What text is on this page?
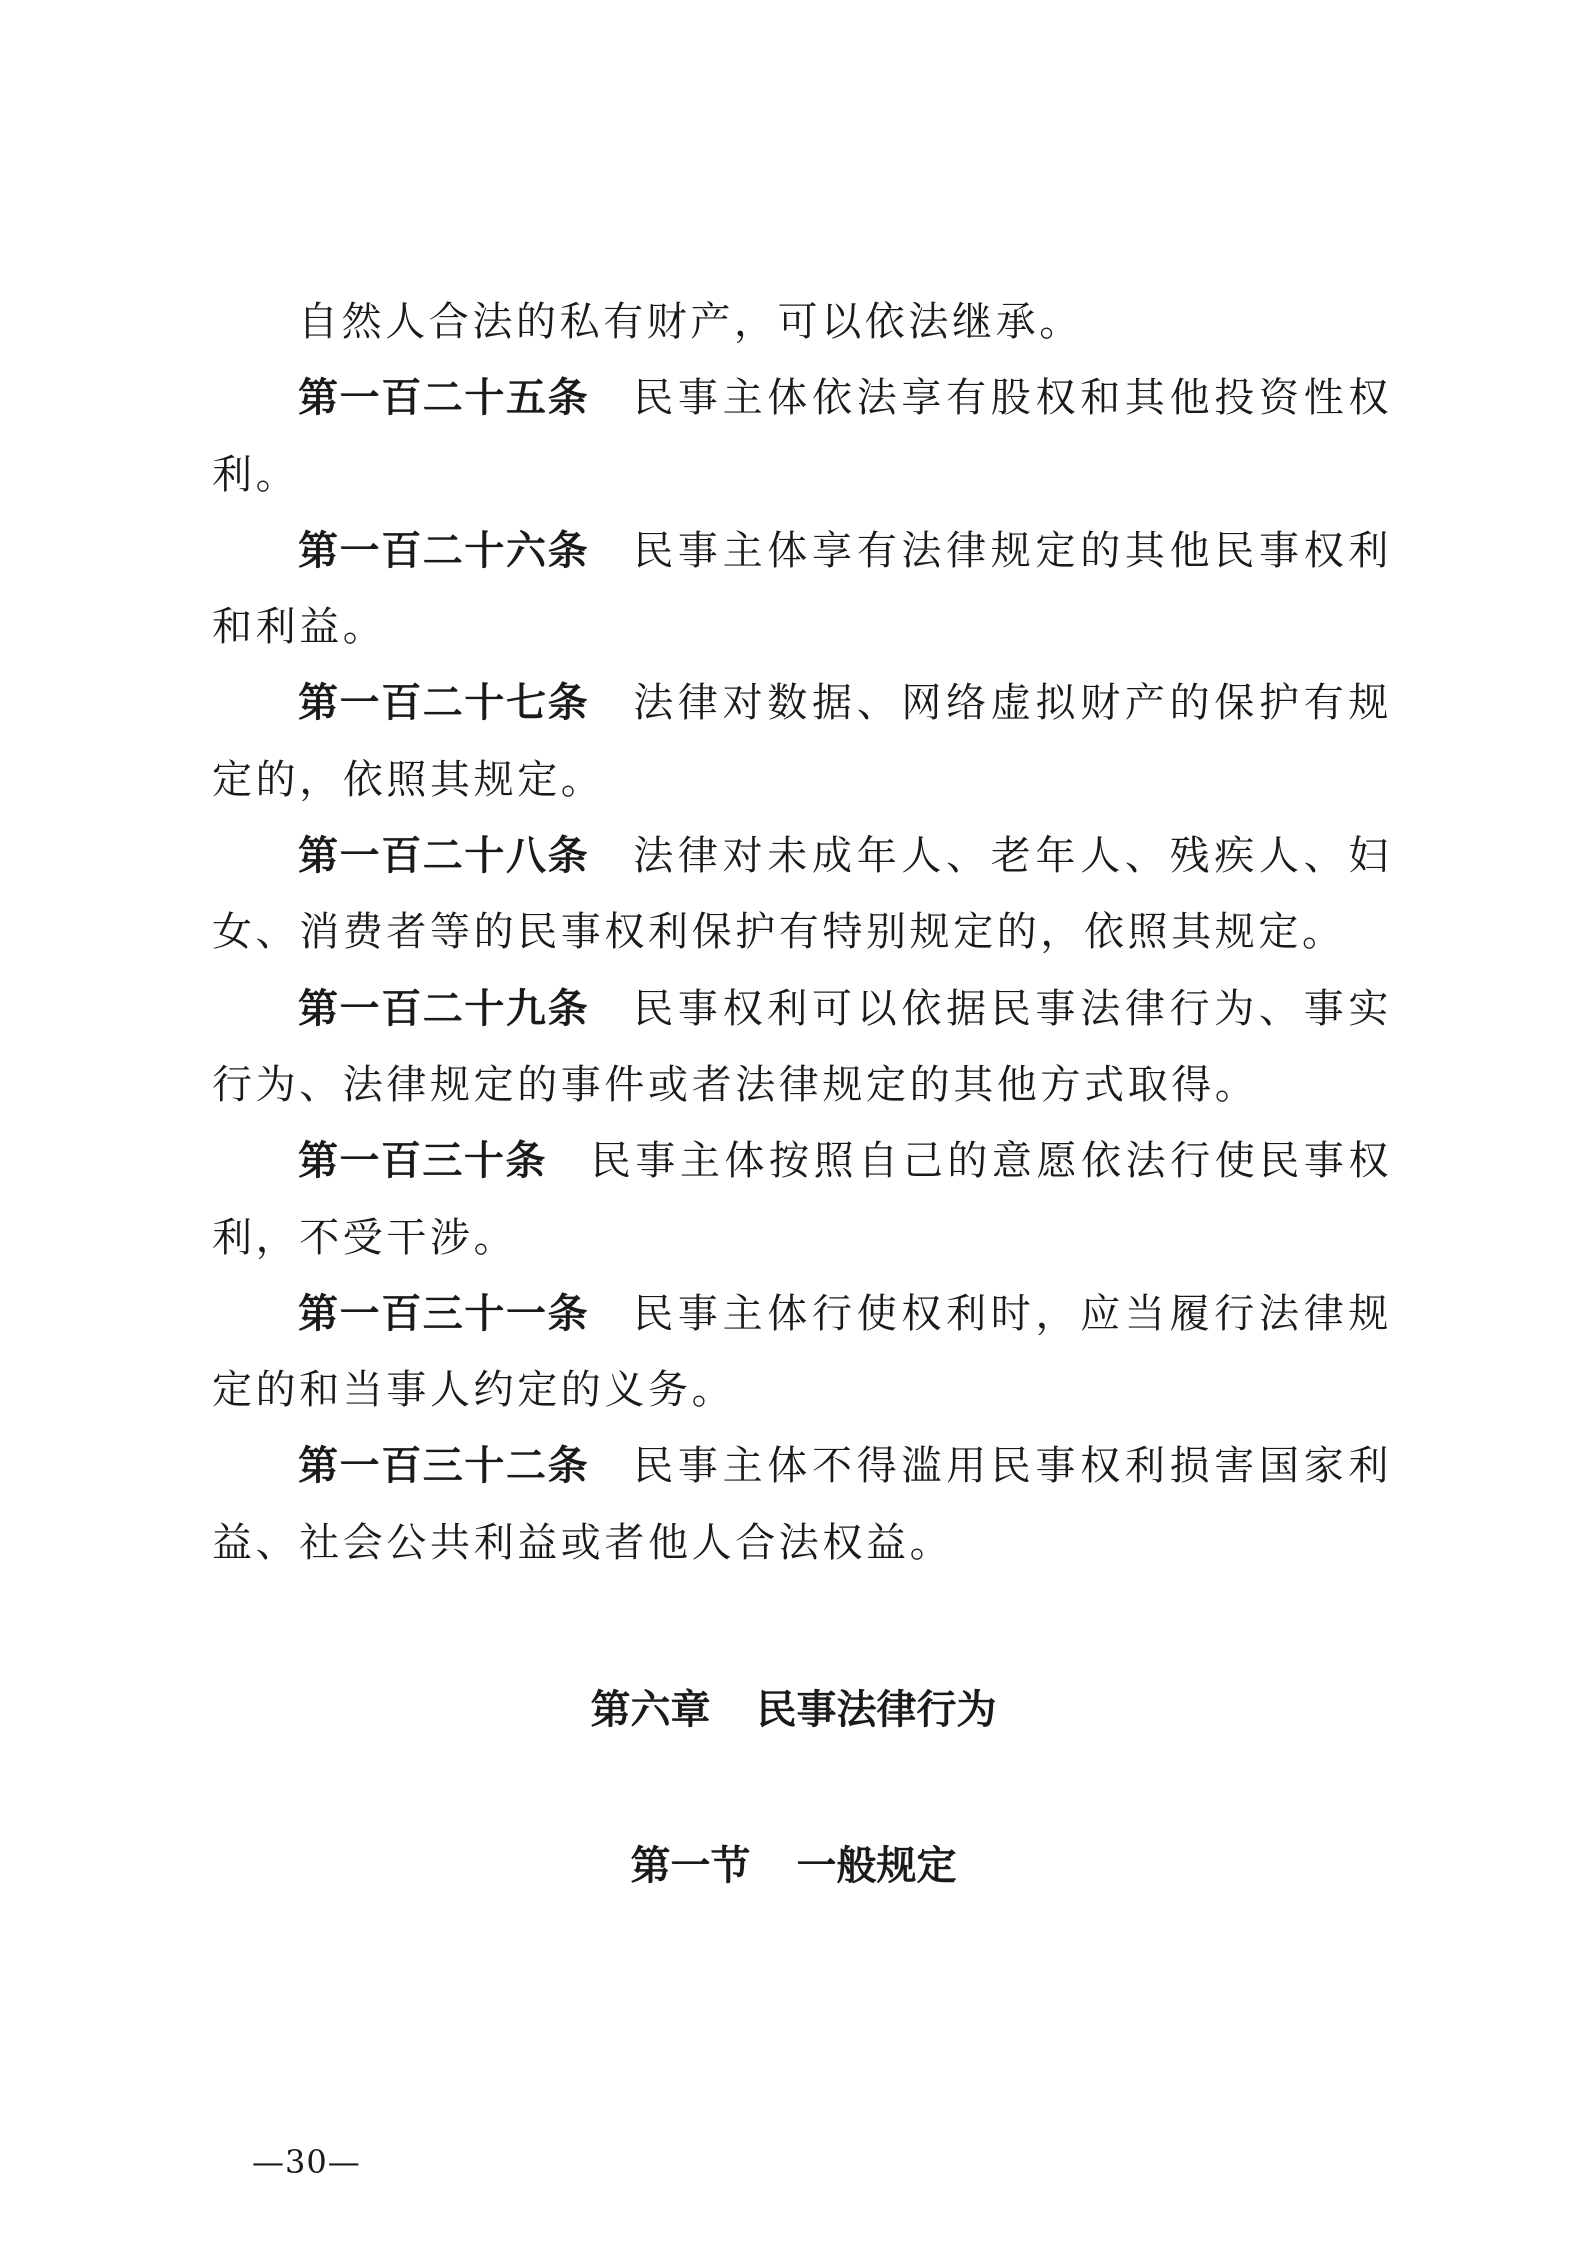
自然人合法的私有财产，可以依法继承。

第一百二十五条 民事主体依法享有股权和其他投资性权利。

第一百二十六条 民事主体享有法律规定的其他民事权利和利益。

第一百二十七条 法律对数据、网络虚拟财产的保护有规定的，依照其规定。

第一百二十八条 法律对未成年人、老年人、残疾人、妇女、消费者等的民事权利保护有特别规定的，依照其规定。

第一百二十九条 民事权利可以依据民事法律行为、事实行为、法律规定的事件或者法律规定的其他方式取得。

第一百三十条 民事主体按照自己的意愿依法行使民事权利，不受干涉。

第一百三十一条 民事主体行使权利时，应当履行法律规定的和当事人约定的义务。

第一百三十二条 民事主体不得滥用民事权利损害国家利益、社会公共利益或者他人合法权益。

第六章 民事法律行为
第一节 一般规定
—30—
